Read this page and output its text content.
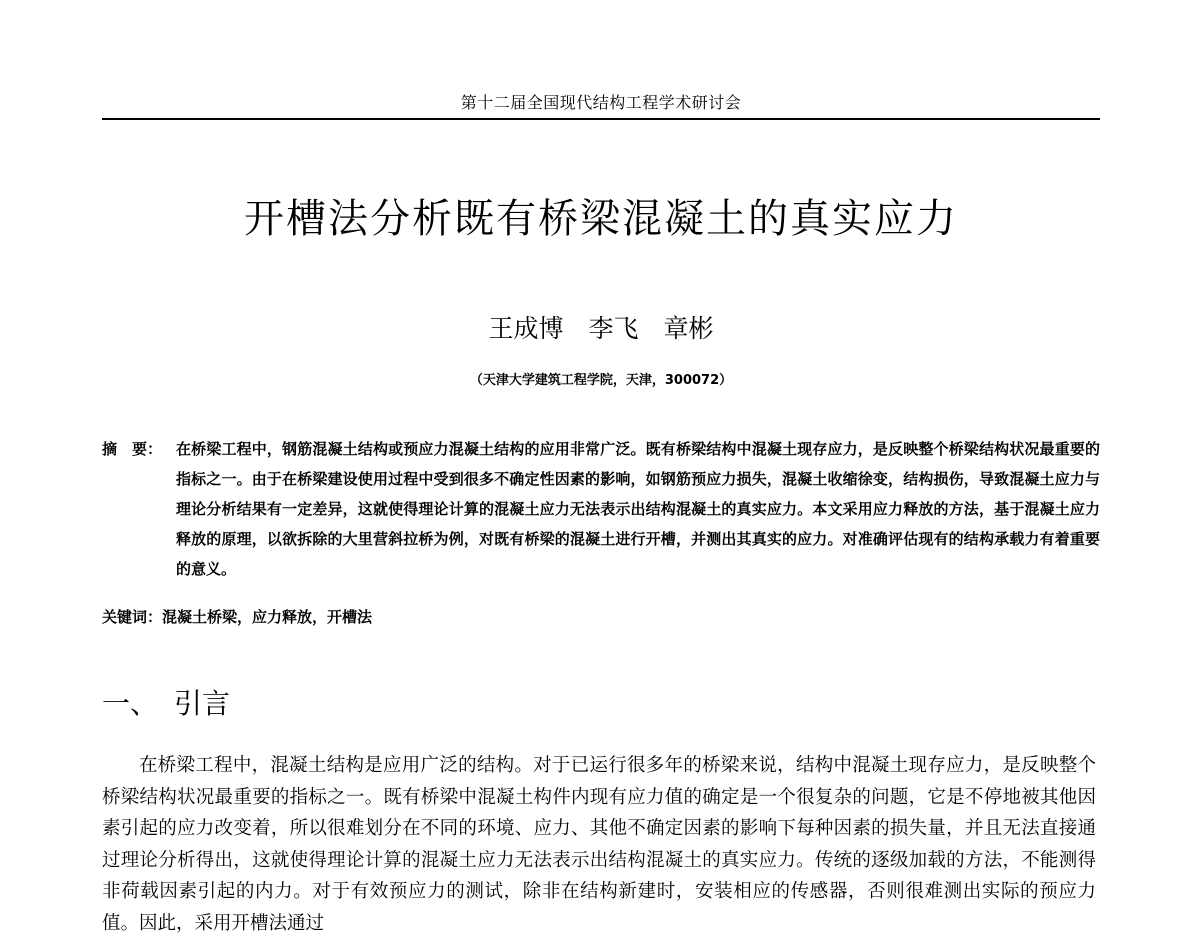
第十二届全国现代结构工程学术研讨会
开槽法分析既有桥梁混凝土的真实应力
王成博　李飞　章彬
（天津大学建筑工程学院，天津，300072）
摘　要： 在桥梁工程中，钢筋混凝土结构或预应力混凝土结构的应用非常广泛。既有桥梁结构中混凝土现存应力，是反映整个桥梁结构状况最重要的指标之一。由于在桥梁建设使用过程中受到很多不确定性因素的影响，如钢筋预应力损失，混凝土收缩徐变，结构损伤，导致混凝土应力与理论分析结果有一定差异，这就使得理论计算的混凝土应力无法表示出结构混凝土的真实应力。本文采用应力释放的方法，基于混凝土应力释放的原理，以欲拆除的大里营斜拉桥为例，对既有桥梁的混凝土进行开槽，并测出其真实的应力。对准确评估现有的结构承载力有着重要的意义。
关键词：混凝土桥梁，应力释放，开槽法
一、 引言
在桥梁工程中，混凝土结构是应用广泛的结构。对于已运行很多年的桥梁来说，结构中混凝土现存应力，是反映整个桥梁结构状况最重要的指标之一。既有桥梁中混凝土构件内现有应力值的确定是一个很复杂的问题，它是不停地被其他因素引起的应力改变着，所以很难划分在不同的环境、应力、其他不确定因素的影响下每种因素的损失量，并且无法直接通过理论分析得出，这就使得理论计算的混凝土应力无法表示出结构混凝土的真实应力。传统的逐级加载的方法，不能测得非荷载因素引起的内力。对于有效预应力的测试，除非在结构新建时，安装相应的传感器，否则很难测出实际的预应力值。因此，采用开槽法通过
